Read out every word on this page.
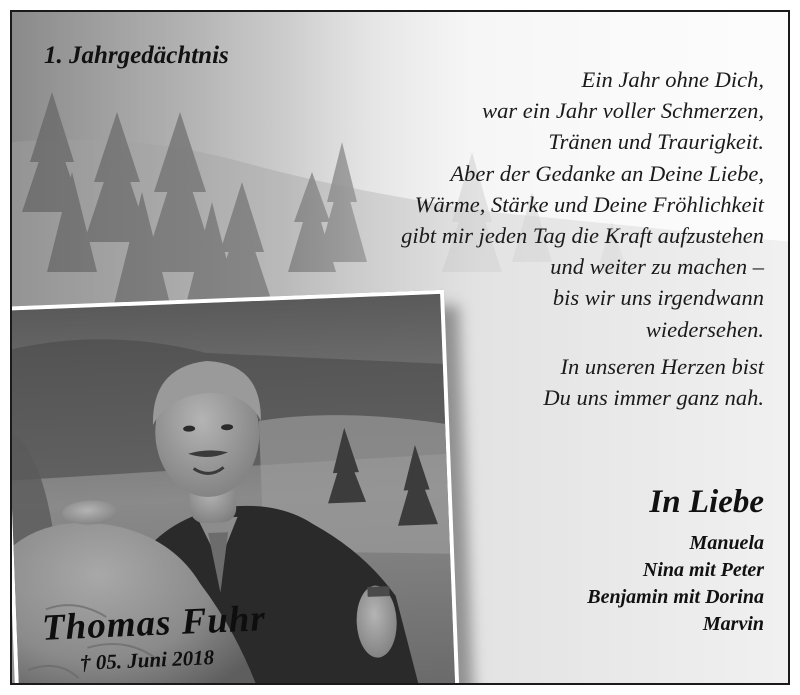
1. Jahrgedächtnis
Ein Jahr ohne Dich,
war ein Jahr voller Schmerzen,
Tränen und Traurigkeit.
Aber der Gedanke an Deine Liebe,
Wärme, Stärke und Deine Fröhlichkeit
gibt mir jeden Tag die Kraft aufzustehen
und weiter zu machen –
bis wir uns irgendwann
wiedersehen.
In unseren Herzen bist
Du uns immer ganz nah.
In Liebe
Manuela
Nina mit Peter
Benjamin mit Dorina
Marvin
Thomas Fuhr
† 05. Juni 2018
